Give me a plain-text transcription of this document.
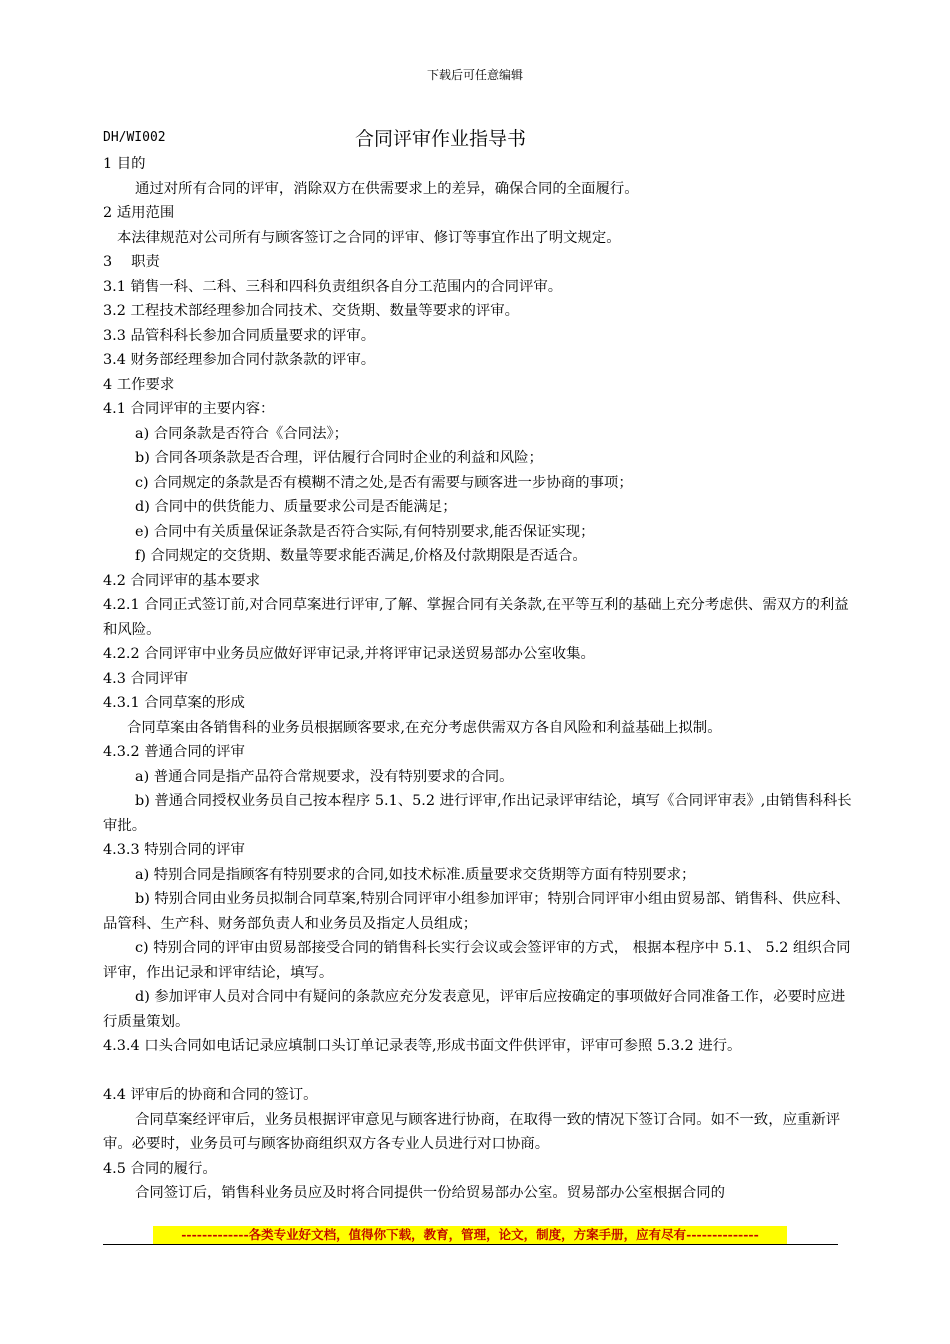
下载后可任意编辑
DH/WI002	合同评审作业指导书
1 目的
通过对所有合同的评审，消除双方在供需要求上的差异，确保合同的全面履行。
2 适用范围
本法律规范对公司所有与顾客签订之合同的评审、修订等事宜作出了明文规定。
3　 职责
3.1 销售一科、二科、三科和四科负责组织各自分工范围内的合同评审。
3.2 工程技术部经理参加合同技术、交货期、数量等要求的评审。
3.3 品管科科长参加合同质量要求的评审。
3.4 财务部经理参加合同付款条款的评审。
4 工作要求
4.1 合同评审的主要内容：
a) 合同条款是否符合《合同法》；
b) 合同各项条款是否合理，评估履行合同时企业的利益和风险；
c) 合同规定的条款是否有模糊不清之处,是否有需要与顾客进一步协商的事项；
d) 合同中的供货能力、质量要求公司是否能满足；
e) 合同中有关质量保证条款是否符合实际,有何特别要求,能否保证实现；
f) 合同规定的交货期、数量等要求能否满足,价格及付款期限是否适合。
4.2 合同评审的基本要求
4.2.1 合同正式签订前,对合同草案进行评审,了解、掌握合同有关条款,在平等互利的基础上充分考虑供、需双方的利益和风险。
4.2.2 合同评审中业务员应做好评审记录,并将评审记录送贸易部办公室收集。
4.3 合同评审
4.3.1 合同草案的形成
合同草案由各销售科的业务员根据顾客要求,在充分考虑供需双方各自风险和利益基础上拟制。
4.3.2 普通合同的评审
a) 普通合同是指产品符合常规要求，没有特别要求的合同。
b) 普通合同授权业务员自己按本程序 5.1、5.2 进行评审,作出记录评审结论，填写《合同评审表》,由销售科科长审批。
4.3.3 特别合同的评审
a) 特别合同是指顾客有特别要求的合同,如技术标准.质量要求交货期等方面有特别要求；
b) 特别合同由业务员拟制合同草案,特别合同评审小组参加评审；特别合同评审小组由贸易部、销售科、供应科、品管科、生产科、财务部负责人和业务员及指定人员组成；
c) 特别合同的评审由贸易部接受合同的销售科长实行会议或会签评审的方式， 根据本程序中 5.1、 5.2 组织合同评审，作出记录和评审结论，填写。
d) 参加评审人员对合同中有疑问的条款应充分发表意见，评审后应按确定的事项做好合同准备工作，必要时应进行质量策划。
4.3.4 口头合同如电话记录应填制口头订单记录表等,形成书面文件供评审，评审可参照 5.3.2 进行。
4.4 评审后的协商和合同的签订。
合同草案经评审后，业务员根据评审意见与顾客进行协商，在取得一致的情况下签订合同。如不一致，应重新评审。必要时，业务员可与顾客协商组织双方各专业人员进行对口协商。
4.5 合同的履行。
合同签订后，销售科业务员应及时将合同提供一份给贸易部办公室。贸易部办公室根据合同的
-------------各类专业好文档，值得你下载，教育，管理，论文，制度，方案手册，应有尽有--------------
